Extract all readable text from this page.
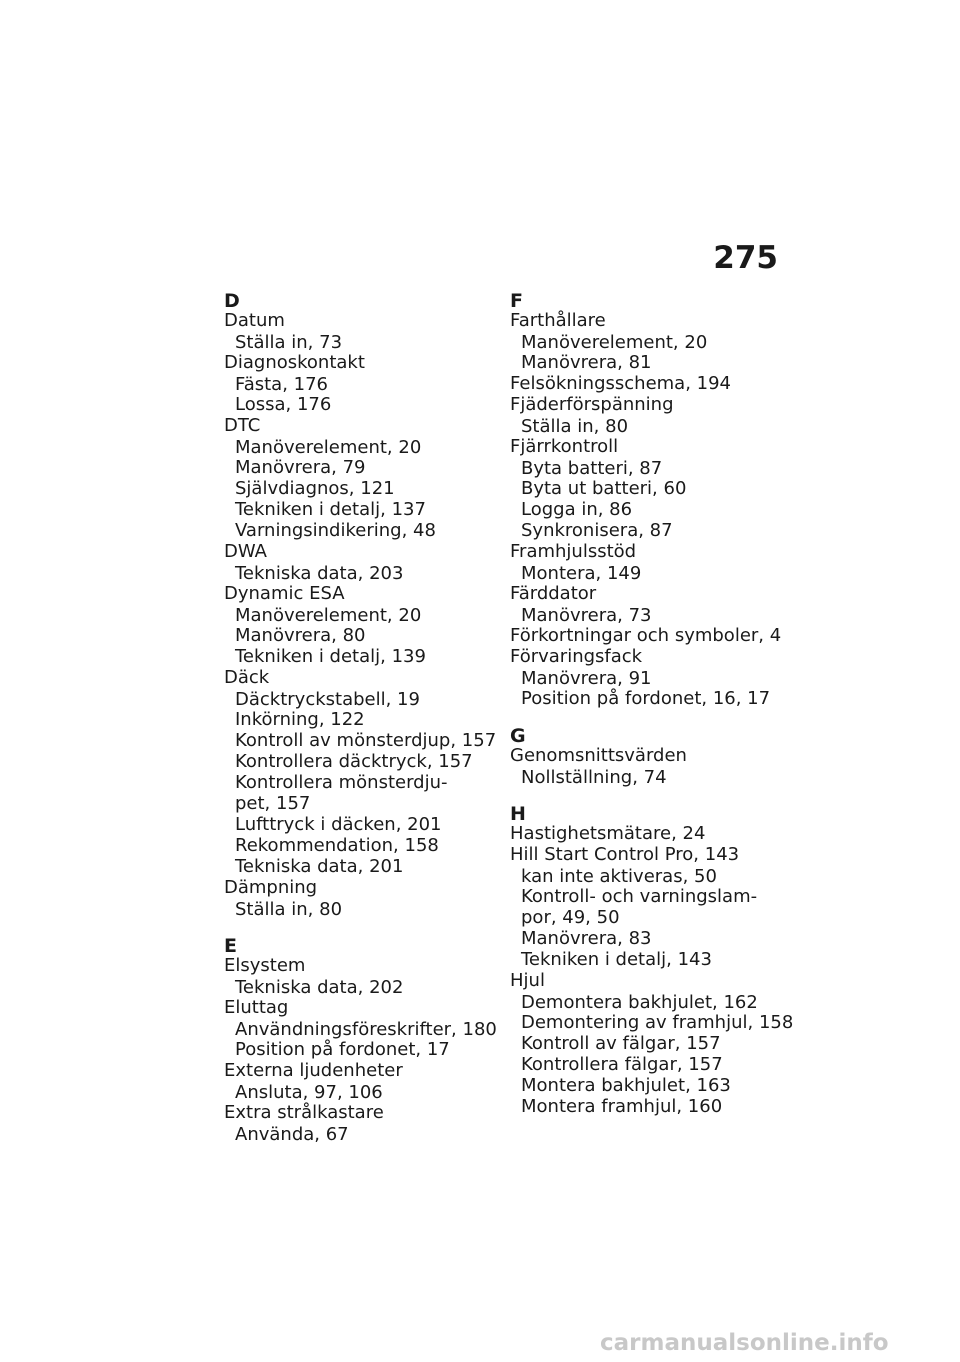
275
D
Datum
Ställa in, 73
Diagnoskontakt
Fästa, 176
Lossa, 176
DTC
Manöverelement, 20
Manövrera, 79
Självdiagnos, 121
Tekniken i detalj, 137
Varningsindikering, 48
DWA
Tekniska data, 203
Dynamic ESA
Manöverelement, 20
Manövrera, 80
Tekniken i detalj, 139
Däck
Däcktryckstabell, 19
Inkörning, 122
Kontroll av mönsterdjup, 157
Kontrollera däcktryck, 157
Kontrollera mönsterdju-
pet, 157
Lufttryck i däcken, 201
Rekommendation, 158
Tekniska data, 201
Dämpning
Ställa in, 80
E
Elsystem
Tekniska data, 202
Eluttag
Användningsföreskrifter, 180
Position på fordonet, 17
Externa ljudenheter
Ansluta, 97, 106
Extra strålkastare
Använda, 67
F
Farthållare
Manöverelement, 20
Manövrera, 81
Felsökningsschema, 194
Fjäderförspänning
Ställa in, 80
Fjärrkontroll
Byta batteri, 87
Byta ut batteri, 60
Logga in, 86
Synkronisera, 87
Framhjulsstöd
Montera, 149
Färddator
Manövrera, 73
Förkortningar och symboler, 4
Förvaringsfack
Manövrera, 91
Position på fordonet, 16, 17
G
Genomsnittsvärden
Nollställning, 74
H
Hastighetsmätare, 24
Hill Start Control Pro, 143
kan inte aktiveras, 50
Kontroll- och varningslam-
por, 49, 50
Manövrera, 83
Tekniken i detalj, 143
Hjul
Demontera bakhjulet, 162
Demontering av framhjul, 158
Kontroll av fälgar, 157
Kontrollera fälgar, 157
Montera bakhjulet, 163
Montera framhjul, 160
carmanualsonline.info
